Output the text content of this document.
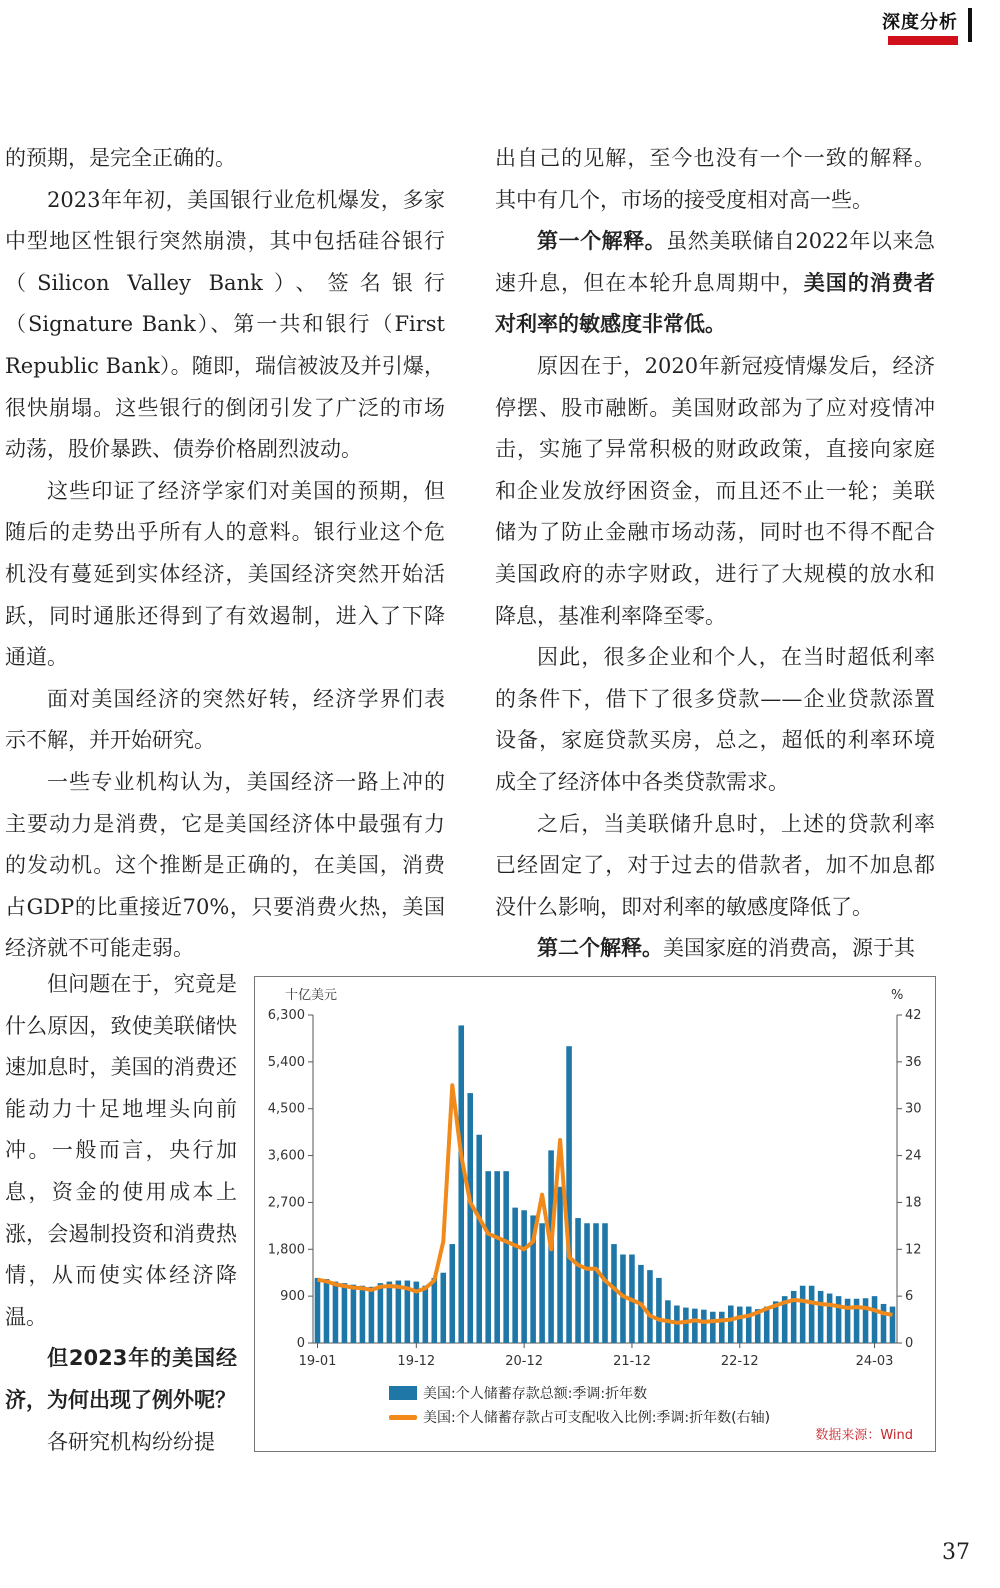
深度分析

的预期，是完全正确的。

2023年年初，美国银行业危机爆发，多家中型地区性银行突然崩溃，其中包括硅谷银行（Silicon Valley Bank）、签名银行（Signature Bank）、第一共和银行（First Republic Bank）。随即，瑞信被波及并引爆，很快崩塌。这些银行的倒闭引发了广泛的市场动荡，股价暴跌、债券价格剧烈波动。

这些印证了经济学家们对美国的预期，但随后的走势出乎所有人的意料。银行业这个危机没有蔓延到实体经济，美国经济突然开始活跃，同时通胀还得到了有效遏制，进入了下降通道。

面对美国经济的突然好转，经济学界们表示不解，并开始研究。

一些专业机构认为，美国经济一路上冲的主要动力是消费，它是美国经济体中最强有力的发动机。这个推断是正确的，在美国，消费占GDP的比重接近70%，只要消费火热，美国经济就不可能走弱。

但问题在于，究竟是什么原因，致使美联储快速加息时，美国的消费还能动力十足地埋头向前冲。一般而言，央行加息，资金的使用成本上涨，会遏制投资和消费热情，从而使实体经济降温。

但2023年的美国经济，为何出现了例外呢？

各研究机构纷纷提

出自己的见解，至今也没有一个一致的解释。其中有几个，市场的接受度相对高一些。

第一个解释。虽然美联储自2022年以来急速升息，但在本轮升息周期中，美国的消费者对利率的敏感度非常低。

原因在于，2020年新冠疫情爆发后，经济停摆、股市融断。美国财政部为了应对疫情冲击，实施了异常积极的财政政策，直接向家庭和企业发放纾困资金，而且还不止一轮；美联储为了防止金融市场动荡，同时也不得不配合美国政府的赤字财政，进行了大规模的放水和降息，基准利率降至零。

因此，很多企业和个人，在当时超低利率的条件下，借下了很多贷款——企业贷款添置设备，家庭贷款买房，总之，超低的利率环境成全了经济体中各类贷款需求。

之后，当美联储升息时，上述的贷款利率已经固定了，对于过去的借款者，加不加息都没什么影响，即对利率的敏感度降低了。

第二个解释。美国家庭的消费高，源于其

十亿美元	%
0
900
1,800
2,700
3,600
4,500
5,400
6,300
0
6
12
18
24
30
36
42
19-01	19-12	20-12	21-12	22-12	24-03
美国:个人储蓄存款总额:季调:折年数
美国:个人储蓄存款占可支配收入比例:季调:折年数(右轴)
数据来源：Wind
37
